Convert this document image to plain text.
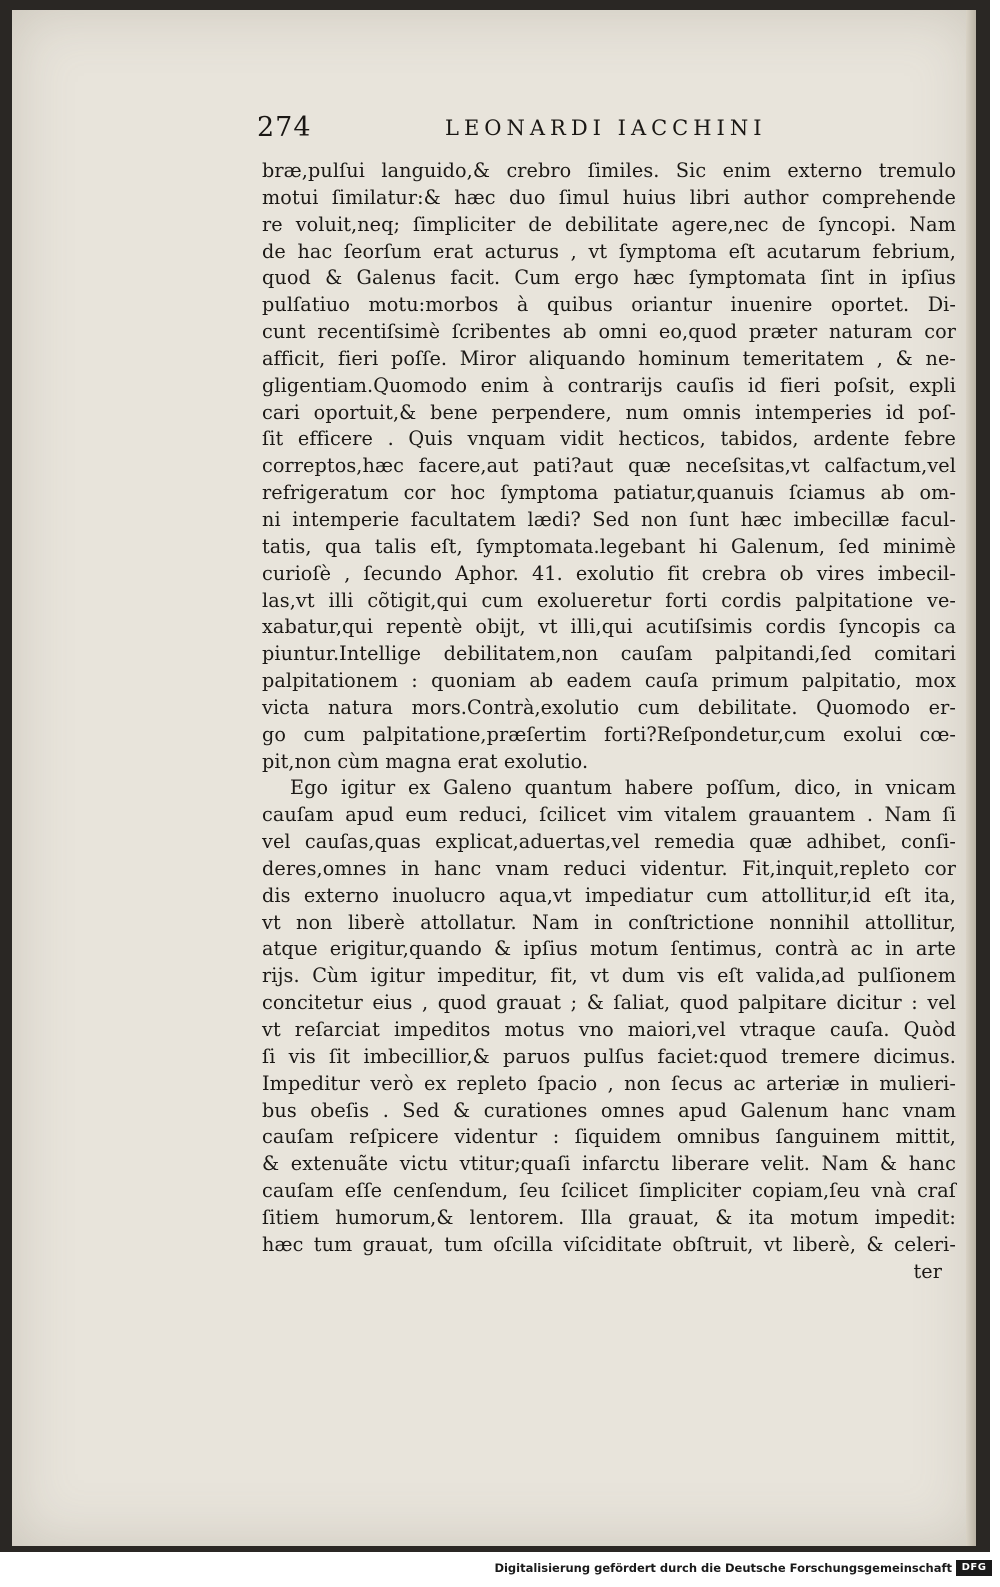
274	LEONARDI IACCHINI
bræ,pulſui languido,& crebro ſimiles. Sic enim externo tremulo
motui ſimilatur:& hæc duo ſimul huius libri author comprehende
re voluit,neq; ſimpliciter de debilitate agere,nec de ſyncopi. Nam
de hac ſeorſum erat acturus , vt ſymptoma eſt acutarum febrium,
quod & Galenus facit. Cum ergo hæc ſymptomata ſint in ipſius
pulſatiuo motu:morbos à quibus oriantur inuenire oportet. Di-
cunt recentiſsimè ſcribentes ab omni eo,quod præter naturam cor
afficit, fieri poſſe. Miror aliquando hominum temeritatem , & ne-
gligentiam.Quomodo enim à contrarijs cauſis id fieri poſsit, expli
cari oportuit,& bene perpendere, num omnis intemperies id poſ-
ſit efficere . Quis vnquam vidit hecticos, tabidos, ardente febre
correptos,hæc facere,aut pati?aut quæ neceſsitas,vt calfactum,vel
refrigeratum cor hoc ſymptoma patiatur,quanuis ſciamus ab om-
ni intemperie facultatem lædi? Sed non ſunt hæc imbecillæ facul-
tatis, qua talis eſt, ſymptomata.legebant hi Galenum, ſed minimè
curioſè , ſecundo Aphor. 41. exolutio fit crebra ob vires imbecil-
las,vt illi cõtigit,qui cum exolueretur forti cordis palpitatione ve-
xabatur,qui repentè obijt, vt illi,qui acutiſsimis cordis ſyncopis ca
piuntur.Intellige debilitatem,non cauſam palpitandi,ſed comitari
palpitationem : quoniam ab eadem cauſa primum palpitatio, mox
victa natura mors.Contrà,exolutio cum debilitate. Quomodo er-
go cum palpitatione,præſertim forti?Reſpondetur,cum exolui cœ-
pit,non cùm magna erat exolutio.
Ego igitur ex Galeno quantum habere poſſum, dico, in vnicam
cauſam apud eum reduci, ſcilicet vim vitalem grauantem . Nam ſi
vel cauſas,quas explicat,aduertas,vel remedia quæ adhibet, conſi-
deres,omnes in hanc vnam reduci videntur. Fit,inquit,repleto cor
dis externo inuolucro aqua,vt impediatur cum attollitur,id eſt ita,
vt non liberè attollatur. Nam in conſtrictione nonnihil attollitur,
atque erigitur,quando & ipſius motum ſentimus, contrà ac in arte
rijs. Cùm igitur impeditur, fit, vt dum vis eſt valida,ad pulſionem
concitetur eius , quod grauat ; & ſaliat, quod palpitare dicitur : vel
vt reſarciat impeditos motus vno maiori,vel vtraque cauſa. Quòd
ſi vis ſit imbecillior,& paruos pulſus faciet:quod tremere dicimus.
Impeditur verò ex repleto ſpacio , non ſecus ac arteriæ in mulieri-
bus obeſis . Sed & curationes omnes apud Galenum hanc vnam
cauſam reſpicere videntur : ſiquidem omnibus ſanguinem mittit,
& extenuãte victu vtitur;quaſi infarctu liberare velit. Nam & hanc
cauſam eſſe cenſendum, ſeu ſcilicet ſimpliciter copiam,ſeu vnà craſ
ſitiem humorum,& lentorem. Illa grauat, & ita motum impedit:
hæc tum grauat, tum oſcilla viſciditate obſtruit, vt liberè, & celeri-
ter
Digitalisierung gefördert durch die Deutsche Forschungsgemeinschaft DFG
